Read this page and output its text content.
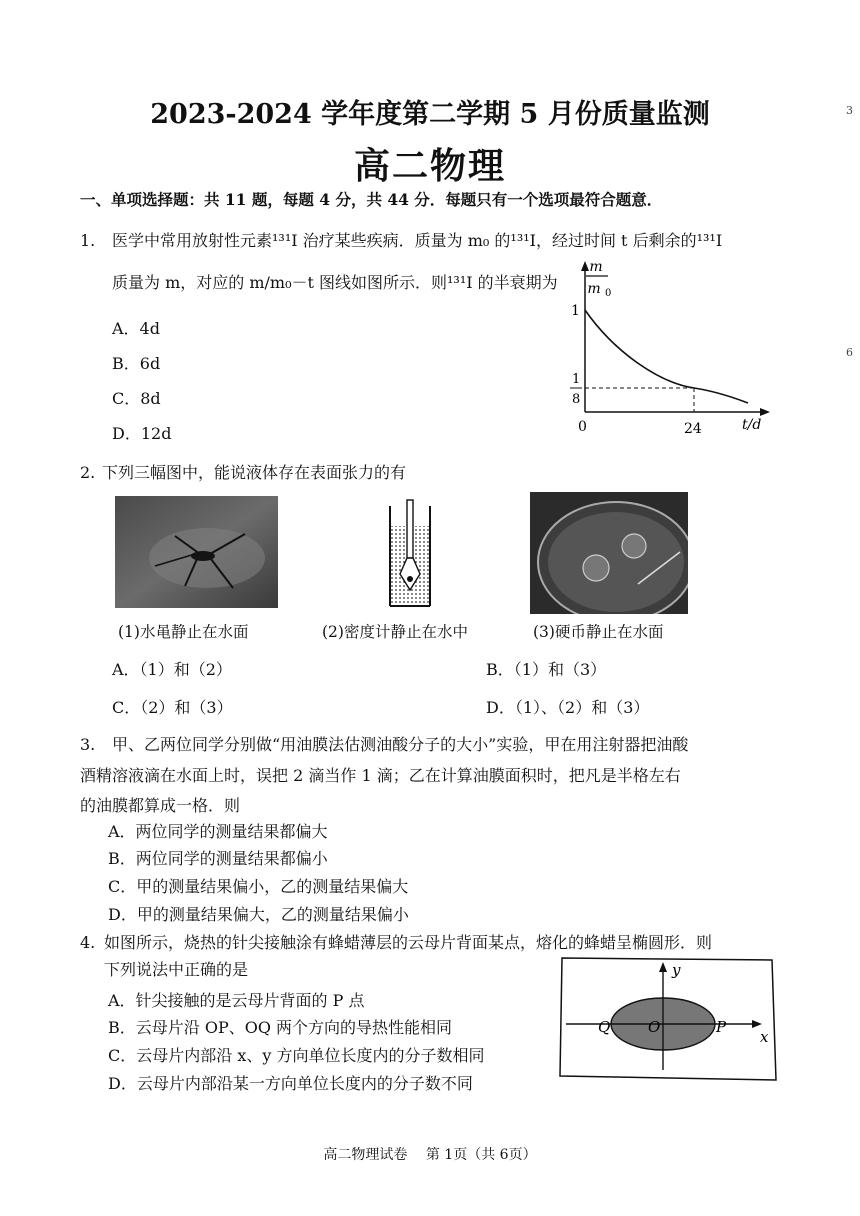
2023-2024 学年度第二学期 5 月份质量监测
高二物理
3
6
一、单项选择题：共 11 题，每题 4 分，共 44 分．每题只有一个选项最符合题意．
1. 医学中常用放射性元素¹³¹I 治疗某些疾病．质量为 m₀ 的¹³¹I，经过时间 t 后剩余的¹³¹I
质量为 m，对应的 m/m₀－t 图线如图所示．则¹³¹I 的半衰期为
A．4d
B．6d
C．8d
D．12d
m
m 0
1
1
8
0	24	t/d
2. 下列三幅图中，能说液体存在表面张力的有
(1)水黾静止在水面	(2)密度计静止在水中	(3)硬币静止在水面
A．（1）和（2）	B．（1）和（3）
C．（2）和（3）	D．（1）、（2）和（3）
3. 甲、乙两位同学分别做“用油膜法估测油酸分子的大小”实验，甲在用注射器把油酸
酒精溶液滴在水面上时，误把 2 滴当作 1 滴；乙在计算油膜面积时，把凡是半格左右
的油膜都算成一格．则
A．两位同学的测量结果都偏大
B．两位同学的测量结果都偏小
C．甲的测量结果偏小，乙的测量结果偏大
D．甲的测量结果偏大，乙的测量结果偏小
4. 如图所示，烧热的针尖接触涂有蜂蜡薄层的云母片背面某点，熔化的蜂蜡呈椭圆形．则
下列说法中正确的是
A．针尖接触的是云母片背面的 P 点
B．云母片沿 OP、OQ 两个方向的导热性能相同
C．云母片内部沿 x、y 方向单位长度内的分子数相同
D．云母片内部沿某一方向单位长度内的分子数不同
y
x
Q	O	P
高二物理试卷　 第 1页（共 6页）
